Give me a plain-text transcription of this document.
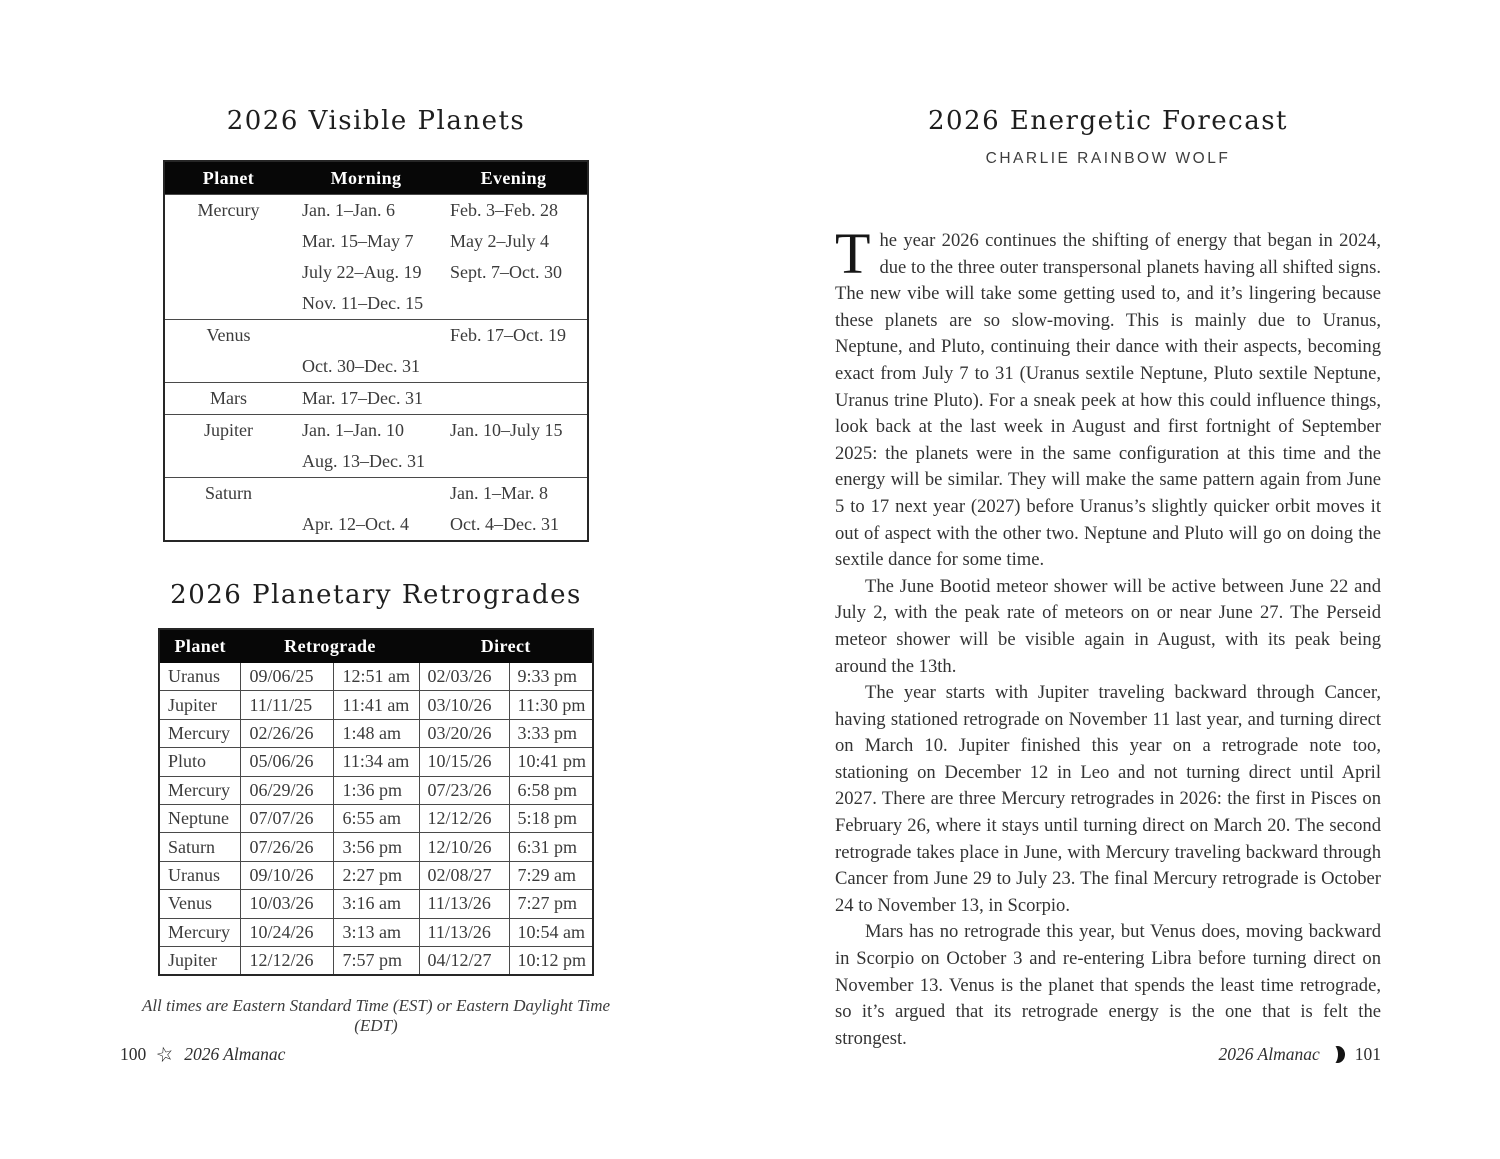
2026 Visible Planets
Planet	Morning	Evening
Mercury	Jan. 1–Jan. 6	Feb. 3–Feb. 28
	Mar. 15–May 7	May 2–July 4
	July 22–Aug. 19	Sept. 7–Oct. 30
	Nov. 11–Dec. 15	
Venus		Feb. 17–Oct. 19
	Oct. 30–Dec. 31	
Mars	Mar. 17–Dec. 31	
Jupiter	Jan. 1–Jan. 10	Jan. 10–July 15
	Aug. 13–Dec. 31	
Saturn		Jan. 1–Mar. 8
	Apr. 12–Oct. 4	Oct. 4–Dec. 31
2026 Planetary Retrogrades
Planet	Retrograde		Direct	
Uranus	09/06/25	12:51 am	02/03/26	9:33 pm
Jupiter	11/11/25	11:41 am	03/10/26	11:30 pm
Mercury	02/26/26	1:48 am	03/20/26	3:33 pm
Pluto	05/06/26	11:34 am	10/15/26	10:41 pm
Mercury	06/29/26	1:36 pm	07/23/26	6:58 pm
Neptune	07/07/26	6:55 am	12/12/26	5:18 pm
Saturn	07/26/26	3:56 pm	12/10/26	6:31 pm
Uranus	09/10/26	2:27 pm	02/08/27	7:29 am
Venus	10/03/26	3:16 am	11/13/26	7:27 pm
Mercury	10/24/26	3:13 am	11/13/26	10:54 am
Jupiter	12/12/26	7:57 pm	04/12/27	10:12 pm

All times are Eastern Standard Time (EST) or Eastern Daylight Time (EDT)

100 ☆ 2026 Almanac
2026 Energetic Forecast
CHARLIE RAINBOW WOLF

The year 2026 continues the shifting of energy that began in 2024, due to the three outer transpersonal planets having all shifted signs. The new vibe will take some getting used to, and it’s lingering because these planets are so slow-moving. This is mainly due to Uranus, Neptune, and Pluto, continuing their dance with their aspects, becoming exact from July 7 to 31 (Uranus sextile Neptune, Pluto sextile Neptune, Uranus trine Pluto). For a sneak peek at how this could influence things, look back at the last week in August and first fortnight of September 2025: the planets were in the same configuration at this time and the energy will be similar. They will make the same pattern again from June 5 to 17 next year (2027) before Uranus’s slightly quicker orbit moves it out of aspect with the other two. Neptune and Pluto will go on doing the sextile dance for some time.

The June Bootid meteor shower will be active between June 22 and July 2, with the peak rate of meteors on or near June 27. The Perseid meteor shower will be visible again in August, with its peak being around the 13th.

The year starts with Jupiter traveling backward through Cancer, having stationed retrograde on November 11 last year, and turning direct on March 10. Jupiter finished this year on a retrograde note too, stationing on December 12 in Leo and not turning direct until April 2027. There are three Mercury retrogrades in 2026: the first in Pisces on February 26, where it stays until turning direct on March 20. The second retrograde takes place in June, with Mercury traveling backward through Cancer from June 29 to July 23. The final Mercury retrograde is October 24 to November 13, in Scorpio.

Mars has no retrograde this year, but Venus does, moving backward in Scorpio on October 3 and re-entering Libra before turning direct on November 13. Venus is the planet that spends the least time retrograde, so it’s argued that its retrograde energy is the one that is felt the strongest.

2026 Almanac 101
